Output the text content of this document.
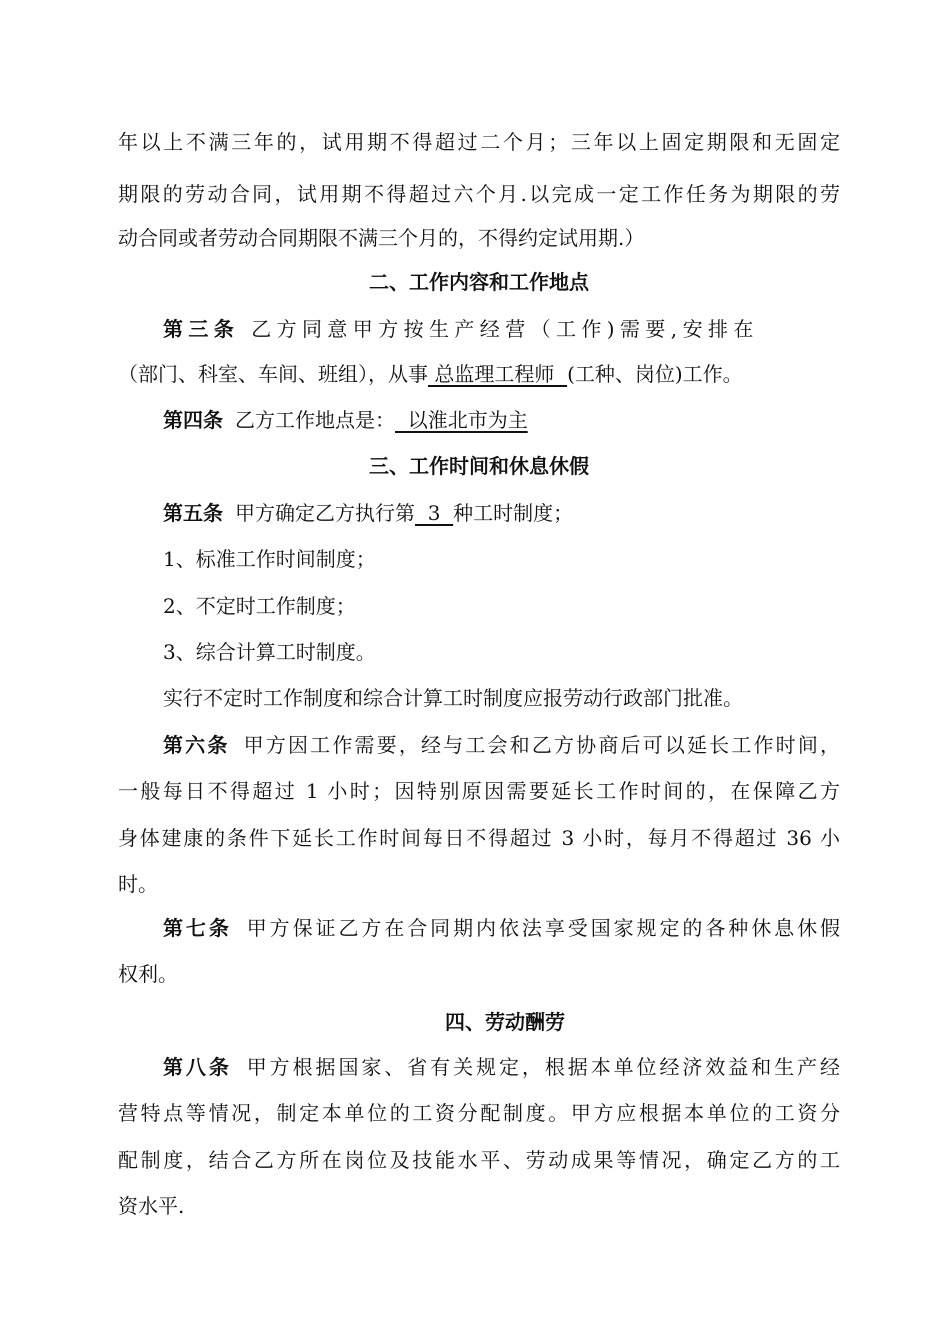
年以上不满三年的，试用期不得超过二个月；三年以上固定期限和无固定
期限的劳动合同，试用期不得超过六个月.以完成一定工作任务为期限的劳
动合同或者劳动合同期限不满三个月的，不得约定试用期.）
二、工作内容和工作地点
第三条 乙方同意甲方按生产经营（工作)需要,安排在
（部门、科室、车间、班组），从事 总监理工程师  (工种、岗位)工作。
第四条 乙方工作地点是：  以淮北市为主
三、工作时间和休息休假
第五条 甲方确定乙方执行第  3  种工时制度；
1、标准工作时间制度；
2、不定时工作制度；
3、综合计算工时制度。
实行不定时工作制度和综合计算工时制度应报劳动行政部门批准。
第六条 甲方因工作需要，经与工会和乙方协商后可以延长工作时间，
一般每日不得超过 1 小时；因特别原因需要延长工作时间的，在保障乙方
身体建康的条件下延长工作时间每日不得超过 3 小时，每月不得超过 36 小
时。
第七条 甲方保证乙方在合同期内依法享受国家规定的各种休息休假
权利。
四、劳动酬劳
第八条 甲方根据国家、省有关规定，根据本单位经济效益和生产经
营特点等情况，制定本单位的工资分配制度。甲方应根据本单位的工资分
配制度，结合乙方所在岗位及技能水平、劳动成果等情况，确定乙方的工
资水平.
